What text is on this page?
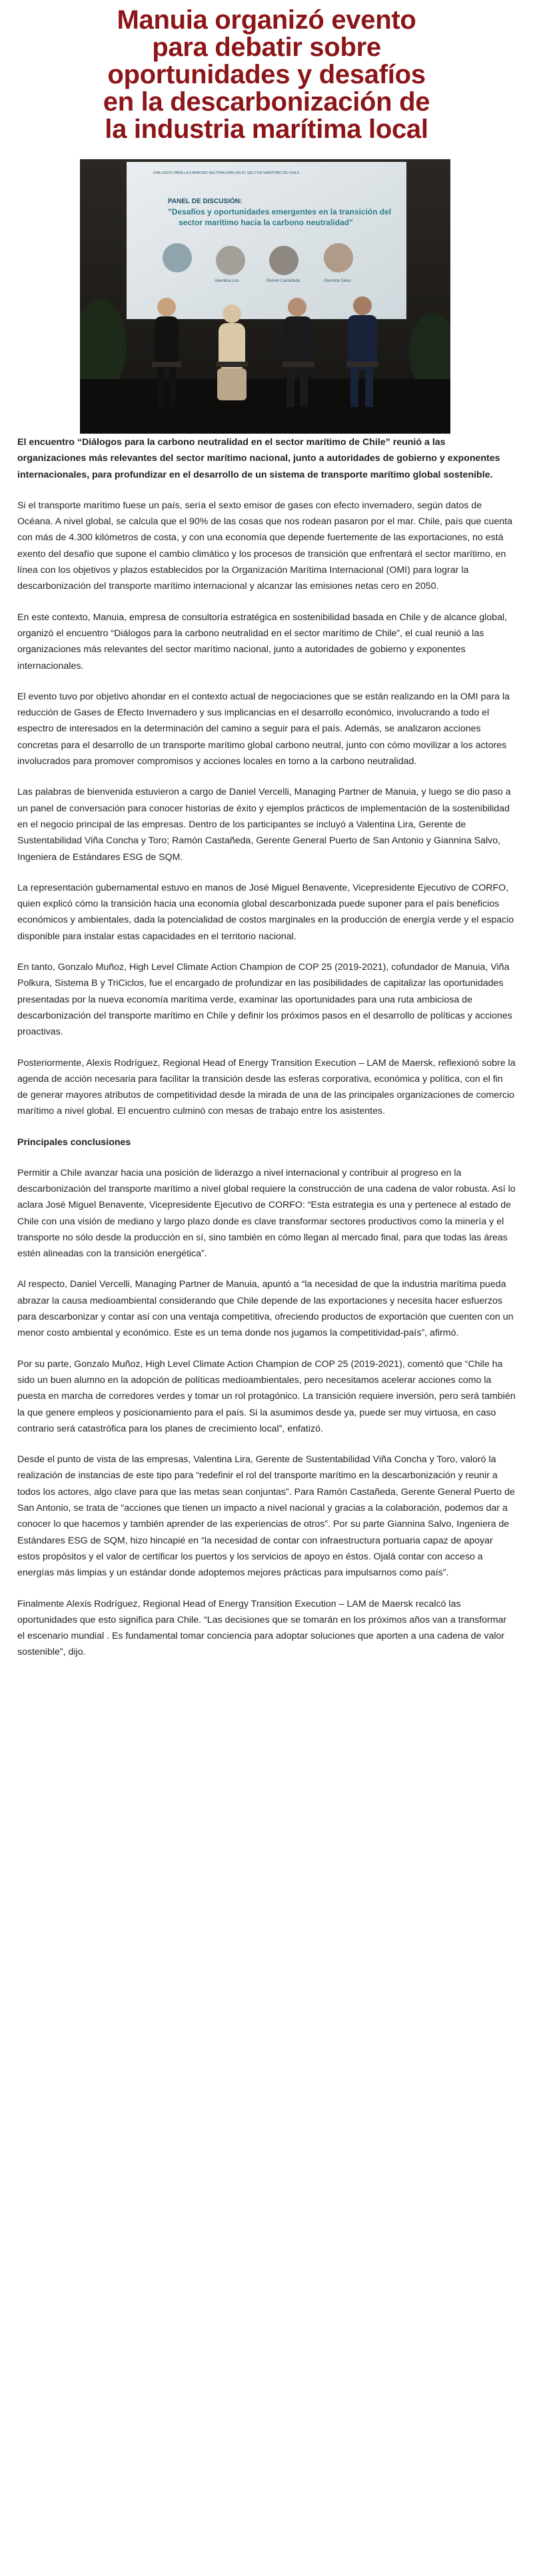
Manuia organizó evento
para debatir sobre
oportunidades y desafíos
en la descarbonización de
la industria marítima local
DIÁLOGOS PARA LA CARBONO NEUTRALIDAD EN EL SECTOR MARÍTIMO DE CHILE
PANEL DE DISCUSIÓN:
"Desafíos y oportunidades emergentes en la transición del
sector marítimo hacia la carbono neutralidad"
Valentina Lira	Ramón Castañeda	Giannina Salvo

El encuentro “Diálogos para la carbono neutralidad en el sector marítimo de Chile” reunió a las organizaciones más relevantes del sector marítimo nacional, junto a autoridades de gobierno y exponentes internacionales, para profundizar en el desarrollo de un sistema de transporte marítimo global sostenible.

Si el transporte marítimo fuese un país, sería el sexto emisor de gases con efecto invernadero, según datos de Océana. A nivel global, se calcula que el 90% de las cosas que nos rodean pasaron por el mar. Chile, país que cuenta con más de 4.300 kilómetros de costa, y con una economía que depende fuertemente de las exportaciones, no está exento del desafío que supone el cambio climático y los procesos de transición que enfrentará el sector marítimo, en línea con los objetivos y plazos establecidos por la Organización Marítima Internacional (OMI) para lograr la descarbonización del transporte marítimo internacional y alcanzar las emisiones netas cero en 2050.

En este contexto, Manuia, empresa de consultoría estratégica en sostenibilidad basada en Chile y de alcance global, organizó el encuentro “Diálogos para la carbono neutralidad en el sector marítimo de Chile”, el cual reunió a las organizaciones más relevantes del sector marítimo nacional, junto a autoridades de gobierno y exponentes internacionales.

El evento tuvo por objetivo ahondar en el contexto actual de negociaciones que se están realizando en la OMI para la reducción de Gases de Efecto Invernadero y sus implicancias en el desarrollo económico, involucrando a todo el espectro de interesados en la determinación del camino a seguir para el país. Además, se analizaron acciones concretas para el desarrollo de un transporte marítimo global carbono neutral, junto con cómo movilizar a los actores involucrados para promover compromisos y acciones locales en torno a la carbono neutralidad.

Las palabras de bienvenida estuvieron a cargo de Daniel Vercelli, Managing Partner de Manuia, y luego se dio paso a un panel de conversación para conocer historias de éxito y ejemplos prácticos de implementación de la sostenibilidad en el negocio principal de las empresas. Dentro de los participantes se incluyó a Valentina Lira, Gerente de Sustentabilidad Viña Concha y Toro; Ramón Castañeda, Gerente General Puerto de San Antonio y Giannina Salvo, Ingeniera de Estándares ESG de SQM.

La representación gubernamental estuvo en manos de José Miguel Benavente, Vicepresidente Ejecutivo de CORFO, quien explicó cómo la transición hacia una economía global descarbonizada puede suponer para el país beneficios económicos y ambientales, dada la potencialidad de costos marginales en la producción de energía verde y el espacio disponible para instalar estas capacidades en el territorio nacional.

En tanto, Gonzalo Muñoz, High Level Climate Action Champion de COP 25 (2019-2021), cofundador de Manuia, Viña Polkura, Sistema B y TriCiclos, fue el encargado de profundizar en las posibilidades de capitalizar las oportunidades presentadas por la nueva economía marítima verde, examinar las oportunidades para una ruta ambiciosa de descarbonización del transporte marítimo en Chile y definir los próximos pasos en el desarrollo de políticas y acciones proactivas.

Posteriormente, Alexis Rodríguez, Regional Head of Energy Transition Execution – LAM de Maersk, reflexionó sobre la agenda de acción necesaria para facilitar la transición desde las esferas corporativa, económica y política, con el fin de generar mayores atributos de competitividad desde la mirada de una de las principales organizaciones de comercio marítimo a nivel global. El encuentro culminó con mesas de trabajo entre los asistentes.

Principales conclusiones

Permitir a Chile avanzar hacia una posición de liderazgo a nivel internacional y contribuir al progreso en la descarbonización del transporte marítimo a nivel global requiere la construcción de una cadena de valor robusta. Así lo aclara José Miguel Benavente, Vicepresidente Ejecutivo de CORFO: “Esta estrategia es una y pertenece al estado de Chile con una visión de mediano y largo plazo donde es clave transformar sectores productivos como la minería y el transporte no sólo desde la producción en sí, sino también en cómo llegan al mercado final, para que todas las áreas estén alineadas con la transición energética”.

Al respecto, Daniel Vercelli, Managing Partner de Manuia, apuntó a “la necesidad de que la industria marítima pueda abrazar la causa medioambiental considerando que Chile depende de las exportaciones y necesita hacer esfuerzos para descarbonizar y contar así con una ventaja competitiva, ofreciendo productos de exportación que cuenten con un menor costo ambiental y económico. Este es un tema donde nos jugamos la competitividad-país”, afirmó.

Por su parte, Gonzalo Muñoz, High Level Climate Action Champion de COP 25 (2019-2021), comentó que “Chile ha sido un buen alumno en la adopción de políticas medioambientales, pero necesitamos acelerar acciones como la puesta en marcha de corredores verdes y tomar un rol protagónico. La transición requiere inversión, pero será también la que genere empleos y posicionamiento para el país. Si la asumimos desde ya, puede ser muy virtuosa, en caso contrario será catastrófica para los planes de crecimiento local”, enfatizó.

Desde el punto de vista de las empresas, Valentina Lira, Gerente de Sustentabilidad Viña Concha y Toro, valoró la realización de instancias de este tipo para “redefinir el rol del transporte marítimo en la descarbonización y reunir a todos los actores, algo clave para que las metas sean conjuntas”. Para Ramón Castañeda, Gerente General Puerto de San Antonio, se trata de “acciones que tienen un impacto a nivel nacional y gracias a la colaboración, podemos dar a conocer lo que hacemos y también aprender de las experiencias de otros”. Por su parte Giannina Salvo, Ingeniera de Estándares ESG de SQM, hizo hincapié en “la necesidad de contar con infraestructura portuaria capaz de apoyar estos propósitos y el valor de certificar los puertos y los servicios de apoyo en éstos. Ojalá contar con acceso a energías más limpias y un estándar donde adoptemos mejores prácticas para impulsarnos como país”.

Finalmente Alexis Rodríguez, Regional Head of Energy Transition Execution – LAM de Maersk recalcó las oportunidades que esto significa para Chile. “Las decisiones que se tomarán en los próximos años van a transformar el escenario mundial . Es fundamental tomar conciencia para adoptar soluciones que aporten a una cadena de valor sostenible”, dijo.
